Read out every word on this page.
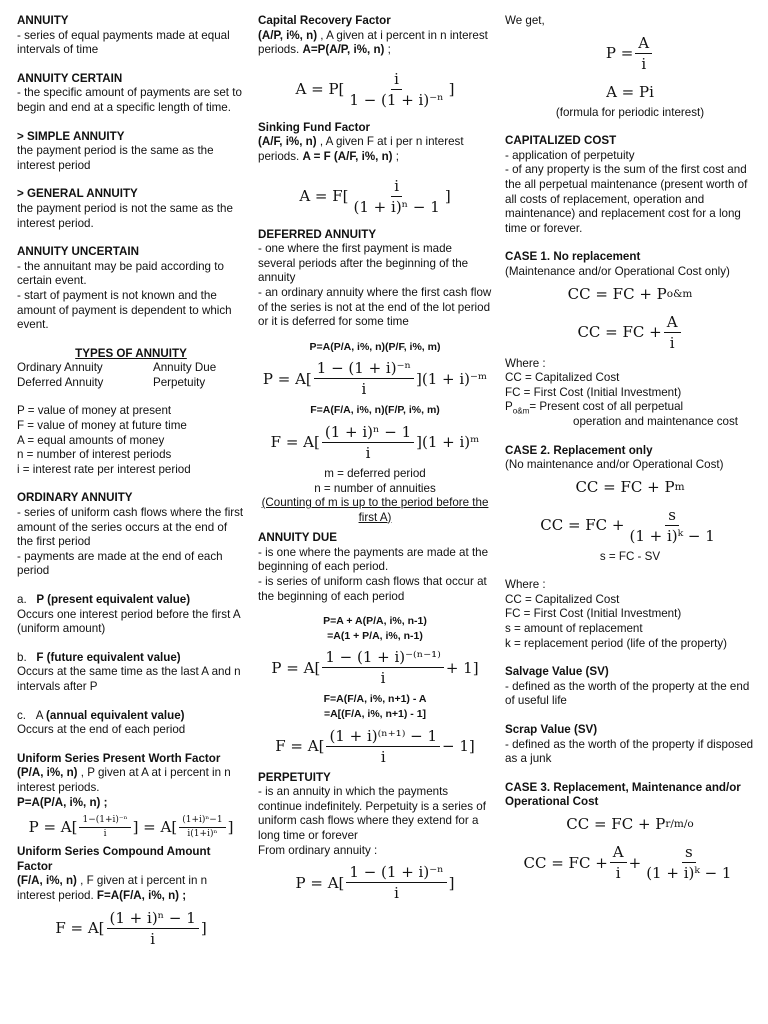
ANNUITY
- series of equal payments made at equal intervals of time
ANNUITY CERTAIN
- the specific amount of payments are set to begin and end at a specific length of time.
> SIMPLE ANNUITY
the payment period is the same as the interest period
> GENERAL ANNUITY
the payment period is not the same as the interest period.
ANNUITY UNCERTAIN
- the annuitant may be paid according to certain event.
- start of payment is not known and the amount of payment is dependent to which event.
TYPES OF ANNUITY
Ordinary Annuity	Annuity Due
Deferred Annuity	Perpetuity
P = value of money at present
F = value of money at future time
A = equal amounts of money
n = number of interest periods
i = interest rate per interest period
ORDINARY ANNUITY
- series of uniform cash flows where the first amount of the series occurs at the end of the first period
- payments are made at the end of each period
a. P (present equivalent value)
Occurs one interest period before the first A (uniform amount)
b. F (future equivalent value)
Occurs at the same time as the last A and n intervals after P
c. A (annual equivalent value)
Occurs at the end of each period
Uniform Series Present Worth Factor
(P/A, i%, n) , P given at A at i percent in n interest periods.
P=A(P/A, i%, n) ;
$P = A[ \frac{\text{1−(1+i)⁻ⁿ}}{i}$ ] = $A[ \frac{\text{(1+i)ⁿ−1}}{\text{i(1+i)ⁿ}}$ ]
Uniform Series Compound Amount Factor
(F/A, i%, n) , F given at i percent in n interest period. F=A(F/A, i%, n) ;
$F = A[ \frac{\text{(1 + i)ⁿ − 1}}{i}$ ]
Capital Recovery Factor
(A/P, i%, n) , A given at i percent in n interest periods. A=P(A/P, i%, n) ;
$A = P[ \frac{i}{\text{1 − (1 + i)⁻ⁿ}}$ ]
Sinking Fund Factor
(A/F, i%, n) , A given F at i per n interest periods. A = F (A/F, i%, n) ;
$A = F[ \frac{i}{\text{(1 + i)ⁿ − 1}}$ ]
DEFERRED ANNUITY
- one where the first payment is made several periods after the beginning of the annuity
- an ordinary annuity where the first cash flow of the series is not at the end of the lot period or it is deferred for some time
P=A(P/A, i%, n)(P/F, i%, m)
$P = A[ \frac{\text{1 − (1 + i)⁻ⁿ}}{i} ](1$ + i)⁻ᵐ
F=A(F/A, i%, n)(F/P, i%, m)
$F = A[ \frac{\text{(1 + i)ⁿ − 1}}{i} ](1$ + i)ᵐ
m = deferred period
n = number of annuities
(Counting of m is up to the period before the first A)
ANNUITY DUE
- is one where the payments are made at the beginning of each period.
- is series of uniform cash flows that occur at the beginning of each period
P=A + A(P/A, i%, n-1)
=A(1 + P/A, i%, n-1)
$P = A[ \frac{\text{1 − (1 + i)⁻⁽ⁿ⁻¹⁾}}{i} + 1]$
F=A(F/A, i%, n+1) - A
=A[(F/A, i%, n+1) - 1]
$F = A[ \frac{\text{(1 + i)⁽ⁿ⁺¹⁾ − 1}}{i} - 1]$
PERPETUITY
- is an annuity in which the payments continue indefinitely. Perpetuity is a series of uniform cash flows where they extend for a long time or forever
From ordinary annuity :
$P = A[ \frac{\text{1 − (1 + i)⁻ⁿ}}{i}$ ]
We get,
$P = \frac{A}{i}$
A = Pi
(formula for periodic interest)
CAPITALIZED COST
- application of perpetuity
- of any property is the sum of the first cost and the all perpetual maintenance (present worth of all costs of replacement, operation and maintenance) and replacement cost for a long time or forever.
CASE 1. No replacement
(Maintenance and/or Operational Cost only)
CC = FC + P o&m
CC = FC + $\frac{A}{i}$
Where :
CC = Capitalized Cost
FC = First Cost (Initial Investment)
$P_{o\&m}=$ Present cost of all perpetual
operation and maintenance cost
CASE 2. Replacement only
(No maintenance and/or Operational Cost)
CC = FC + P m
CC = FC + $\frac{s}{\text{(1 + i)ᵏ − 1}}$
s = FC - SV
Where :
CC = Capitalized Cost
FC = First Cost (Initial Investment)
s = amount of replacement
k = replacement period (life of the property)
Salvage Value (SV)
- defined as the worth of the property at the end of useful life
Scrap Value (SV)
- defined as the worth of the property if disposed as a junk
CASE 3. Replacement, Maintenance and/or Operational Cost
CC = FC + P r/m/o
CC = FC + $\frac{A}{i} + \frac{s}{\text{(1 + i)ᵏ − 1}}$
